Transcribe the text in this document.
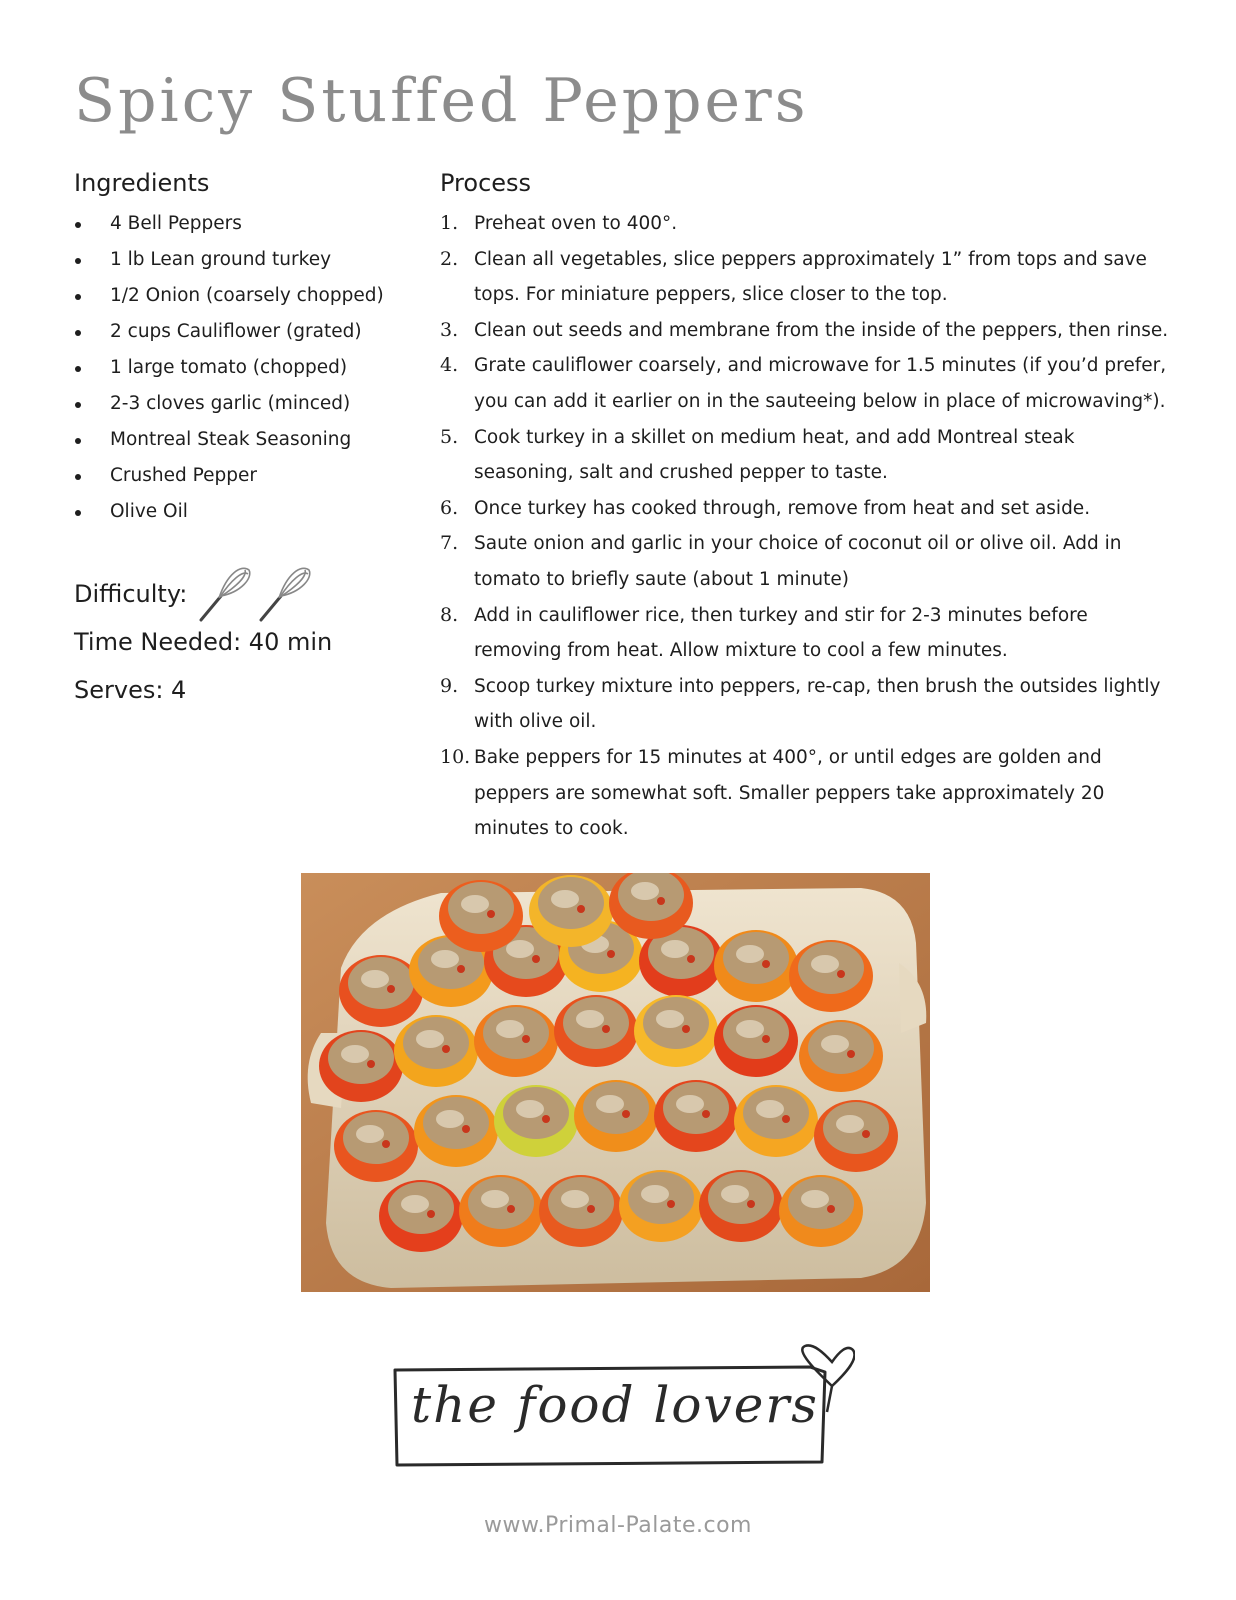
Spicy Stuffed Peppers
Ingredients
4 Bell Peppers
1 lb Lean ground turkey
1/2 Onion (coarsely chopped)
2 cups Cauliflower (grated)
1 large tomato (chopped)
2-3 cloves garlic (minced)
Montreal Steak Seasoning
Crushed Pepper
Olive Oil
Difficulty:
Time Needed: 40 min
Serves: 4
Process
1. Preheat oven to 400°.
2. Clean all vegetables, slice peppers approximately 1” from tops and save tops. For miniature peppers, slice closer to the top.
3. Clean out seeds and membrane from the inside of the peppers, then rinse.
4. Grate cauliflower coarsely, and microwave for 1.5 minutes (if you’d prefer, you can add it earlier on in the sauteeing below in place of microwaving*).
5. Cook turkey in a skillet on medium heat, and add Montreal steak seasoning, salt and crushed pepper to taste.
6. Once turkey has cooked through, remove from heat and set aside.
7. Saute onion and garlic in your choice of coconut oil or olive oil. Add in tomato to briefly saute (about 1 minute)
8. Add in cauliflower rice, then turkey and stir for 2-3 minutes before removing from heat. Allow mixture to cool a few minutes.
9. Scoop turkey mixture into peppers, re-cap, then brush the outsides lightly with olive oil.
10. Bake peppers for 15 minutes at 400°, or until edges are golden and peppers are somewhat soft. Smaller peppers take approximately 20 minutes to cook.
the food lovers
www.Primal-Palate.com
